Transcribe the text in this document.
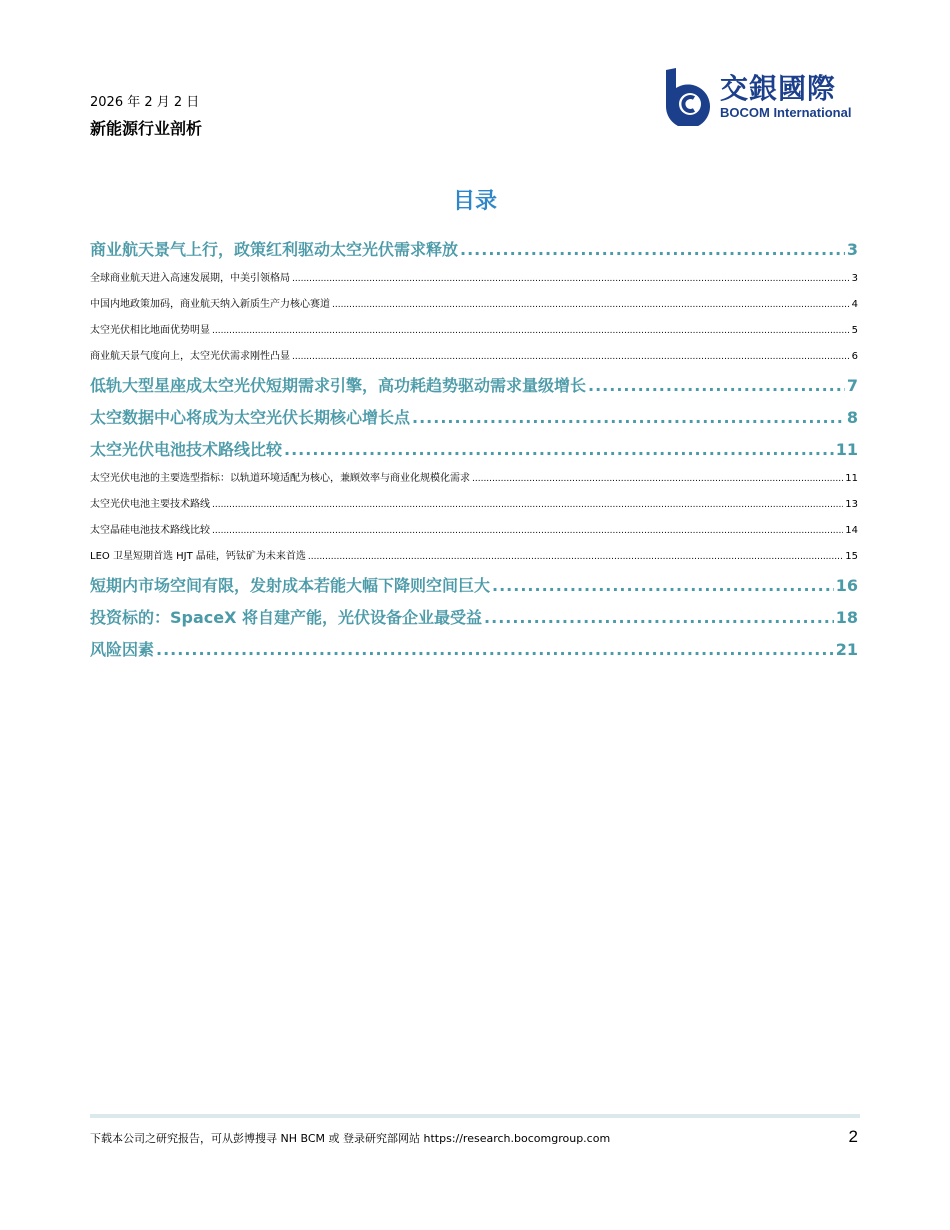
2026 年 2 月 2 日
新能源行业剖析
交銀國際
BOCOM International
目录
商业航天景气上行，政策红利驱动太空光伏需求释放 .....	3
全球商业航天进入高速发展期，中美引领格局 .....	3
中国内地政策加码，商业航天纳入新质生产力核心赛道 .....	4
太空光伏相比地面优势明显 .....	5
商业航天景气度向上，太空光伏需求刚性凸显 .....	6
低轨大型星座成太空光伏短期需求引擎，高功耗趋势驱动需求量级增长 .....	7
太空数据中心将成为太空光伏长期核心增长点 .....	8
太空光伏电池技术路线比较 .....	11
太空光伏电池的主要选型指标：以轨道环境适配为核心，兼顾效率与商业化规模化需求 .....	11
太空光伏电池主要技术路线 .....	13
太空晶硅电池技术路线比较 .....	14
LEO 卫星短期首选 HJT 晶硅，钙钛矿为未来首选 .....	15
短期内市场空间有限，发射成本若能大幅下降则空间巨大 .....	16
投资标的：SpaceX 将自建产能，光伏设备企业最受益 .....	18
风险因素 .....	21
下载本公司之研究报告，可从彭博搜寻 NH BCM 或 登录研究部网站 https://research.bocomgroup.com	2
